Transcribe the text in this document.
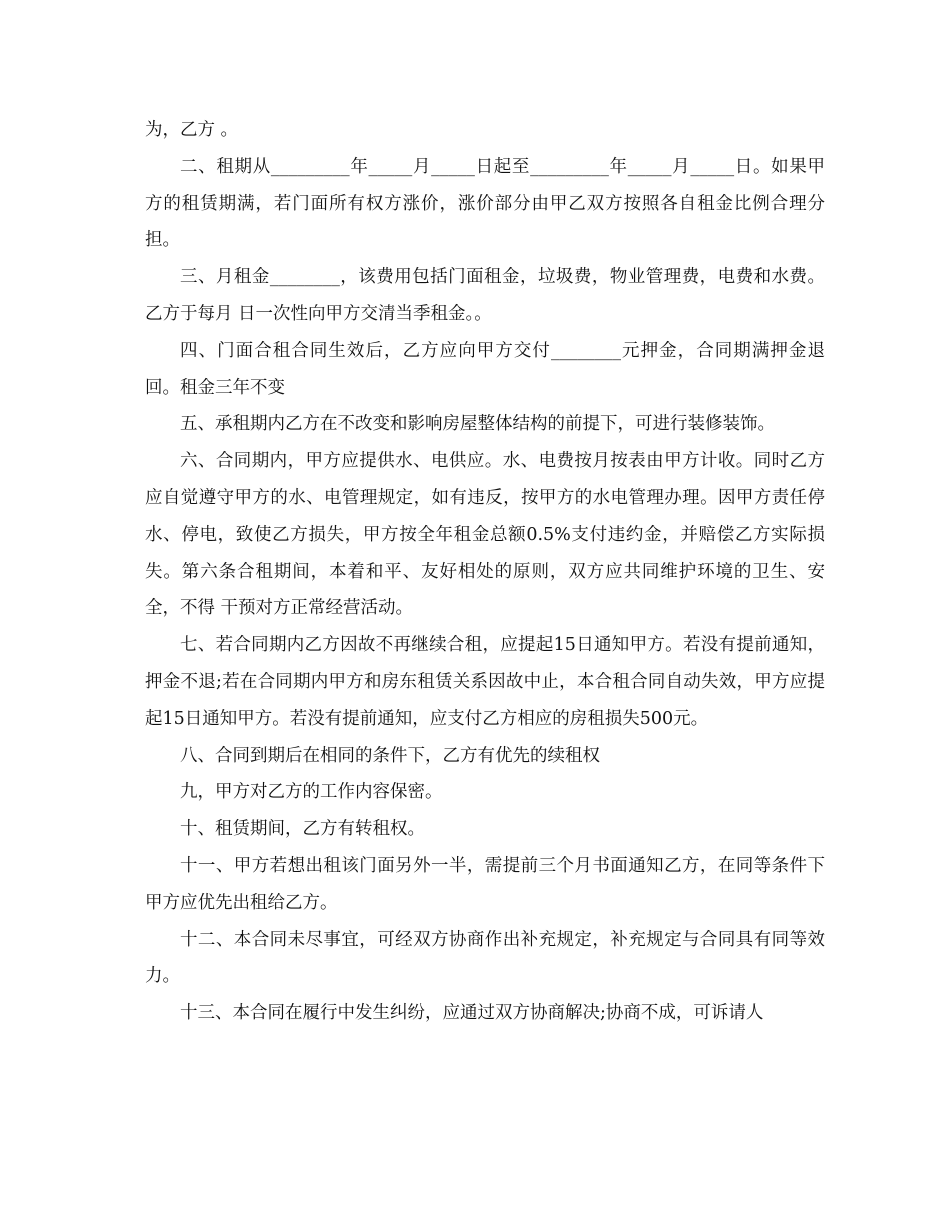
为，乙方 。

二、租期从_________年_____月_____日起至_________年_____月_____日。如果甲方的租赁期满，若门面所有权方涨价，涨价部分由甲乙双方按照各自租金比例合理分担。

三、月租金________，该费用包括门面租金，垃圾费，物业管理费，电费和水费。乙方于每月 日一次性向甲方交清当季租金。。

四、门面合租合同生效后，乙方应向甲方交付________元押金，合同期满押金退回。租金三年不变

五、承租期内乙方在不改变和影响房屋整体结构的前提下，可进行装修装饰。

六、合同期内，甲方应提供水、电供应。水、电费按月按表由甲方计收。同时乙方应自觉遵守甲方的水、电管理规定，如有违反，按甲方的水电管理办理。因甲方责任停水、停电，致使乙方损失，甲方按全年租金总额0.5%支付违约金，并赔偿乙方实际损失。第六条合租期间，本着和平、友好相处的原则，双方应共同维护环境的卫生、安全，不得 干预对方正常经营活动。

七、若合同期内乙方因故不再继续合租，应提起15日通知甲方。若没有提前通知，押金不退;若在合同期内甲方和房东租赁关系因故中止，本合租合同自动失效，甲方应提起15日通知甲方。若没有提前通知，应支付乙方相应的房租损失500元。

八、合同到期后在相同的条件下，乙方有优先的续租权

九，甲方对乙方的工作内容保密。

十、租赁期间，乙方有转租权。

十一、甲方若想出租该门面另外一半，需提前三个月书面通知乙方，在同等条件下甲方应优先出租给乙方。

十二、本合同未尽事宜，可经双方协商作出补充规定，补充规定与合同具有同等效力。

十三、本合同在履行中发生纠纷，应通过双方协商解决;协商不成，可诉请人
